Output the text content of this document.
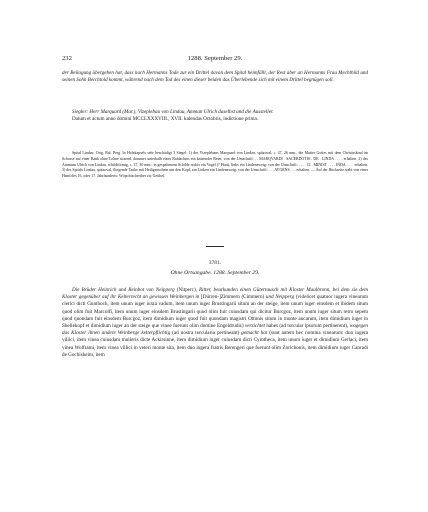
232	1288. September 29.
der Beilagung übergeben hat, dass nach Hermanns Tode zur ein Drittel davon dem Spital heimfällt, der Rest aber an Hermanns Frau Mechthild und seinen Sohn Berchtold kommt, während nach dem Tod des einen dieser beiden das Überlebende sich mit einem Drittel begnügen soll.
Siegler: Herr Marquard (Mar.), Vizeplebau von Lindau, Amman Ulrich daselbst und die Aussteller.
Datum et actum anno domini MCCLXXXVIII., XVII. kalendas Octobris, indictione prima.
Spital Lindau. Orig. Bal. Perg. In Holzkapsels sehr beschädigt 3 Siegel: 1) des Vizeplebans Marquard von Lindau, spitzoval, c. 47, 26 mm., die Mutter Gottes mit dem Christuskind im Schosse auf einer Bank ohne Lehne sitzend, darunter unterhalb eines Baldachins ein knieender Beter, von der Umschrift: . . MARQVARDI . SACERDOTIS . DE . LINDA . . . . erhalten. 2) des Ammans Ulrich von Lindau, schildförmig, c. 37, 30 mm.: in gespaltenem Schilde rechts ein Vogel (? Pfau), links ein Lindenzweig; von der Umschrift: . . . . CI . MINIST . . . . INDA . . . . erhalten. 3) des Spitals Lindau, spitzoval, fliegende Taube mit Heiligenschein um den Kopf, zur Linken ein Lindenzweig; von der Umschrift: . . . AVGENS . . . erhalten. — Auf der Rückseite steht von einer Hand des 16. oder 17. Jahrhunderts: Wöpolttschreiber zü: Getthel.
3781.
Ohne Ortsangabe. 1288. September 29.
Die Brüder Heinrich und Reinbot von Neipperg (Nitperc), Ritter, beurkunden einen Gütertausch mit Kloster Maulbronn, bei dem sie dem Kloster gegenüber auf ihr Kelterrecht an gewissen Weinbergen in [Dürren-]Zimmern (Cimmern) und Neipperg (videlicet quatuor iugera vinearum clerici dicti Gunthoch, item unum iuger iuxta vadum, item unum iuger Brustingarii situm an der steige, item unum iuger einsdem et ibidem situm quod olim fuit Marcolfi, item unum iuger einsdem Brustingarii quod olim fuit cuiusdam qui dicitur Burcgoz, item unum iuger situm retro sepem quod quondam fuit einsdem Burcgoz, item dimidium iuger quod fuit quondam magistri Ottonis situm in monte aucarum, item dimidium iuger in Shellekopf et dimidium iuger an der steige que vinee fuerunt olim domine Engeldrudis) verzichtet habes (ad torcular ipsorum pertinerent), wogegen das Kloster ihnen andere Weinberge kelterpflichtig (ad nostra torcularia pertineant) gemacht hat (sunt autem hec nomina vinearum: duo iugera villici, item vinea cuiusdam mulieris dicte Ackirsinne, item dimidium iuger cuiusdam dicti Cyrotheca, item unum iuger et dimidium Gerlaci, item vinea Wolframi, item vinea villici in veteri monte sita, item duo iugera fratris Berengeri que fuerunt olim Zorichonis, item dimidium iuger Canradi de Gochisheim, item
